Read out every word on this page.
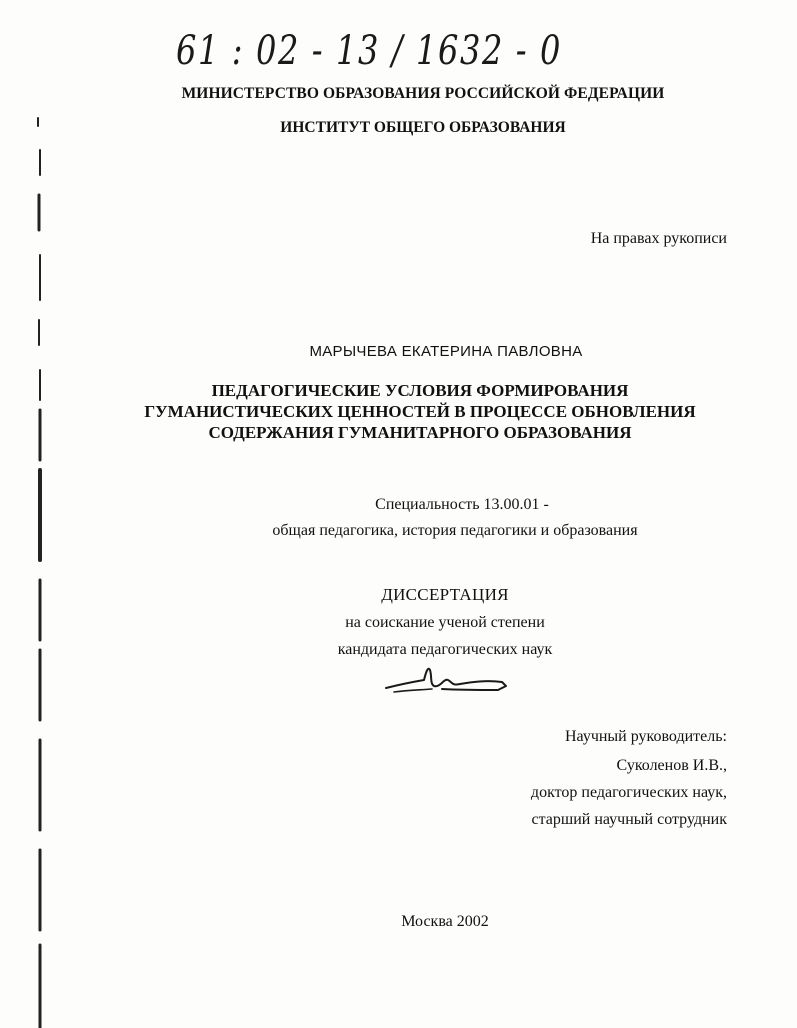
61 : 02 - 13 / 1632 - 0
МИНИСТЕРСТВО ОБРАЗОВАНИЯ РОССИЙСКОЙ ФЕДЕРАЦИИ
ИНСТИТУТ ОБЩЕГО ОБРАЗОВАНИЯ
На правах рукописи
МАРЫЧЕВА ЕКАТЕРИНА ПАВЛОВНА
ПЕДАГОГИЧЕСКИЕ УСЛОВИЯ ФОРМИРОВАНИЯ
ГУМАНИСТИЧЕСКИХ ЦЕННОСТЕЙ В ПРОЦЕССЕ ОБНОВЛЕНИЯ
СОДЕРЖАНИЯ ГУМАНИТАРНОГО ОБРАЗОВАНИЯ
Специальность 13.00.01 -
общая педагогика, история педагогики и образования
ДИССЕРТАЦИЯ
на соискание ученой степени
кандидата педагогических наук
Научный руководитель:
Суколенов И.В.,
доктор педагогических наук,
старший научный сотрудник
Москва 2002
